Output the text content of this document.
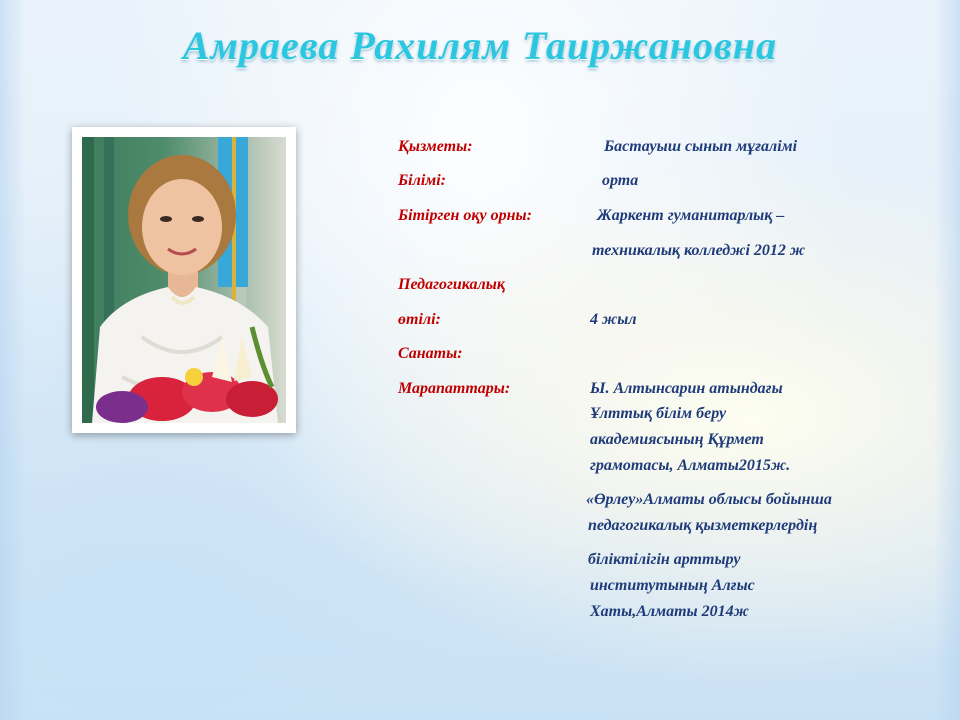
Амраева Рахилям Таиржановна
Қызметы:	Бастауыш сынып мұғалімі
Білімі:	орта
Бітірген оқу орны:	Жаркент гуманитарлық –
техникалық колледжі 2012 ж
Педагогикалық
өтілі:	4 жыл
Санаты:
Марапаттары:	Ы. Алтынсарин атындағы
Ұлттық білім беру
академиясының Құрмет
грамотасы, Алматы2015ж.
«Өрлеу»Алматы облысы бойынша
педагогикалық қызметкерлердің
біліктілігін арттыру
институтының Алғыс
Хаты,Алматы 2014ж
